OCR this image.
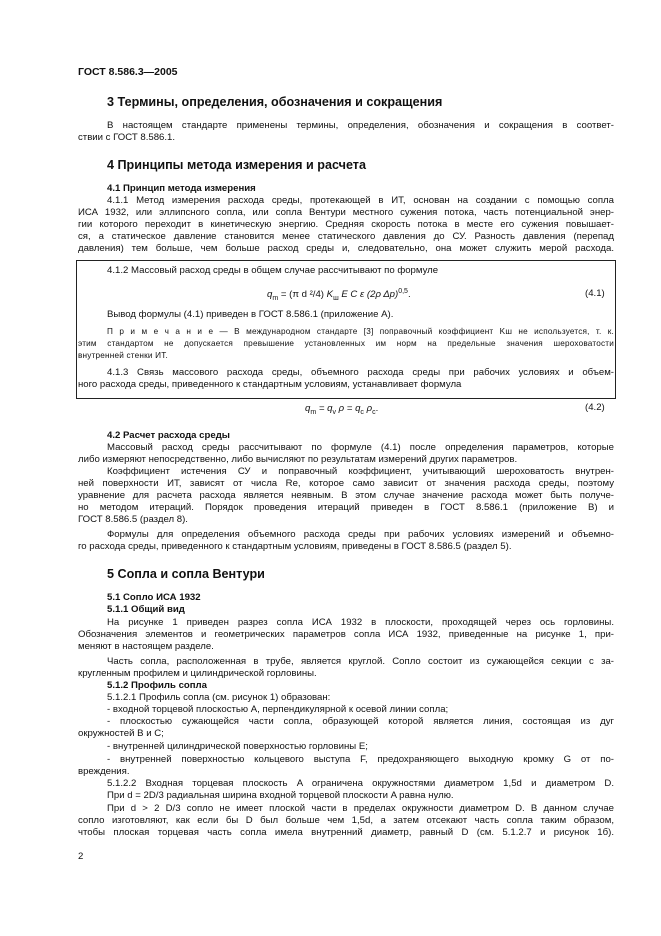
ГОСТ 8.586.3—2005
3 Термины, определения, обозначения и сокращения
В настоящем стандарте применены термины, определения, обозначения и сокращения в соответ-
ствии с ГОСТ 8.586.1.
4 Принципы метода измерения и расчета
4.1 Принцип метода измерения
4.1.1 Метод измерения расхода среды, протекающей в ИТ, основан на создании с помощью сопла
ИСА 1932, или эллипсного сопла, или сопла Вентури местного сужения потока, часть потенциальной энер-
гии которого переходит в кинетическую энергию. Средняя скорость потока в месте его сужения повышает-
ся, а статическое давление становится менее статического давления до СУ. Разность давления (перепад
давления) тем больше, чем больше расход среды и, следовательно, она может служить мерой расхода.
4.1.2 Массовый расход среды в общем случае рассчитывают по формуле
$q_m = (\pi$ d ²/4) $K_ш$ E C ε (2ρ Δp)$^{0,5}$.	(4.1)
Вывод формулы (4.1) приведен в ГОСТ 8.586.1 (приложение А).
П р и м е ч а н и е — В международном стандарте [3] поправочный коэффициент Kш не используется, т. к.
этим стандартом не допускается превышение установленных им норм на предельные значения шероховатости
внутренней стенки ИТ.
4.1.3 Связь массового расхода среды, объемного расхода среды при рабочих условиях и объем-
ного расхода среды, приведенного к стандартным условиям, устанавливает формула
$q_m = q_v$ $\rho = q_c$ $\rho_c$.	(4.2)
4.2 Расчет расхода среды
Массовый расход среды рассчитывают по формуле (4.1) после определения параметров, которые
либо измеряют непосредственно, либо вычисляют по результатам измерений других параметров.
Коэффициент истечения СУ и поправочный коэффициент, учитывающий шероховатость внутрен-
ней поверхности ИТ, зависят от числа Re, которое само зависит от значения расхода среды, поэтому
уравнение для расчета расхода является неявным. В этом случае значение расхода может быть получе-
но методом итераций. Порядок проведения итераций приведен в ГОСТ 8.586.1 (приложение В) и
ГОСТ 8.586.5 (раздел 8).
Формулы для определения объемного расхода среды при рабочих условиях измерений и объемно-
го расхода среды, приведенного к стандартным условиям, приведены в ГОСТ 8.586.5 (раздел 5).
5 Сопла и сопла Вентури
5.1 Сопло ИСА 1932
5.1.1 Общий вид
На рисунке 1 приведен разрез сопла ИСА 1932 в плоскости, проходящей через ось горловины.
Обозначения элементов и геометрических параметров сопла ИСА 1932, приведенные на рисунке 1, при-
меняют в настоящем разделе.
Часть сопла, расположенная в трубе, является круглой. Сопло состоит из сужающейся секции с за-
кругленным профилем и цилиндрической горловины.
5.1.2 Профиль сопла
5.1.2.1 Профиль сопла (см. рисунок 1) образован:
- входной торцевой плоскостью A, перпендикулярной к осевой линии сопла;
- плоскостью сужающейся части сопла, образующей которой является линия, состоящая из дуг
окружностей B и C;
- внутренней цилиндрической поверхностью горловины E;
- внутренней поверхностью кольцевого выступа F, предохраняющего выходную кромку G от по-
вреждения.
5.1.2.2 Входная торцевая плоскость A ограничена окружностями диаметром 1,5d и диаметром D.
При d = 2D/3 радиальная ширина входной торцевой плоскости A равна нулю.
При d > 2 D/3 сопло не имеет плоской части в пределах окружности диаметром D. В данном случае
сопло изготовляют, как если бы D был больше чем 1,5d, а затем отсекают часть сопла таким образом,
чтобы плоская торцевая часть сопла имела внутренний диаметр, равный D (см. 5.1.2.7 и рисунок 1б).
2
